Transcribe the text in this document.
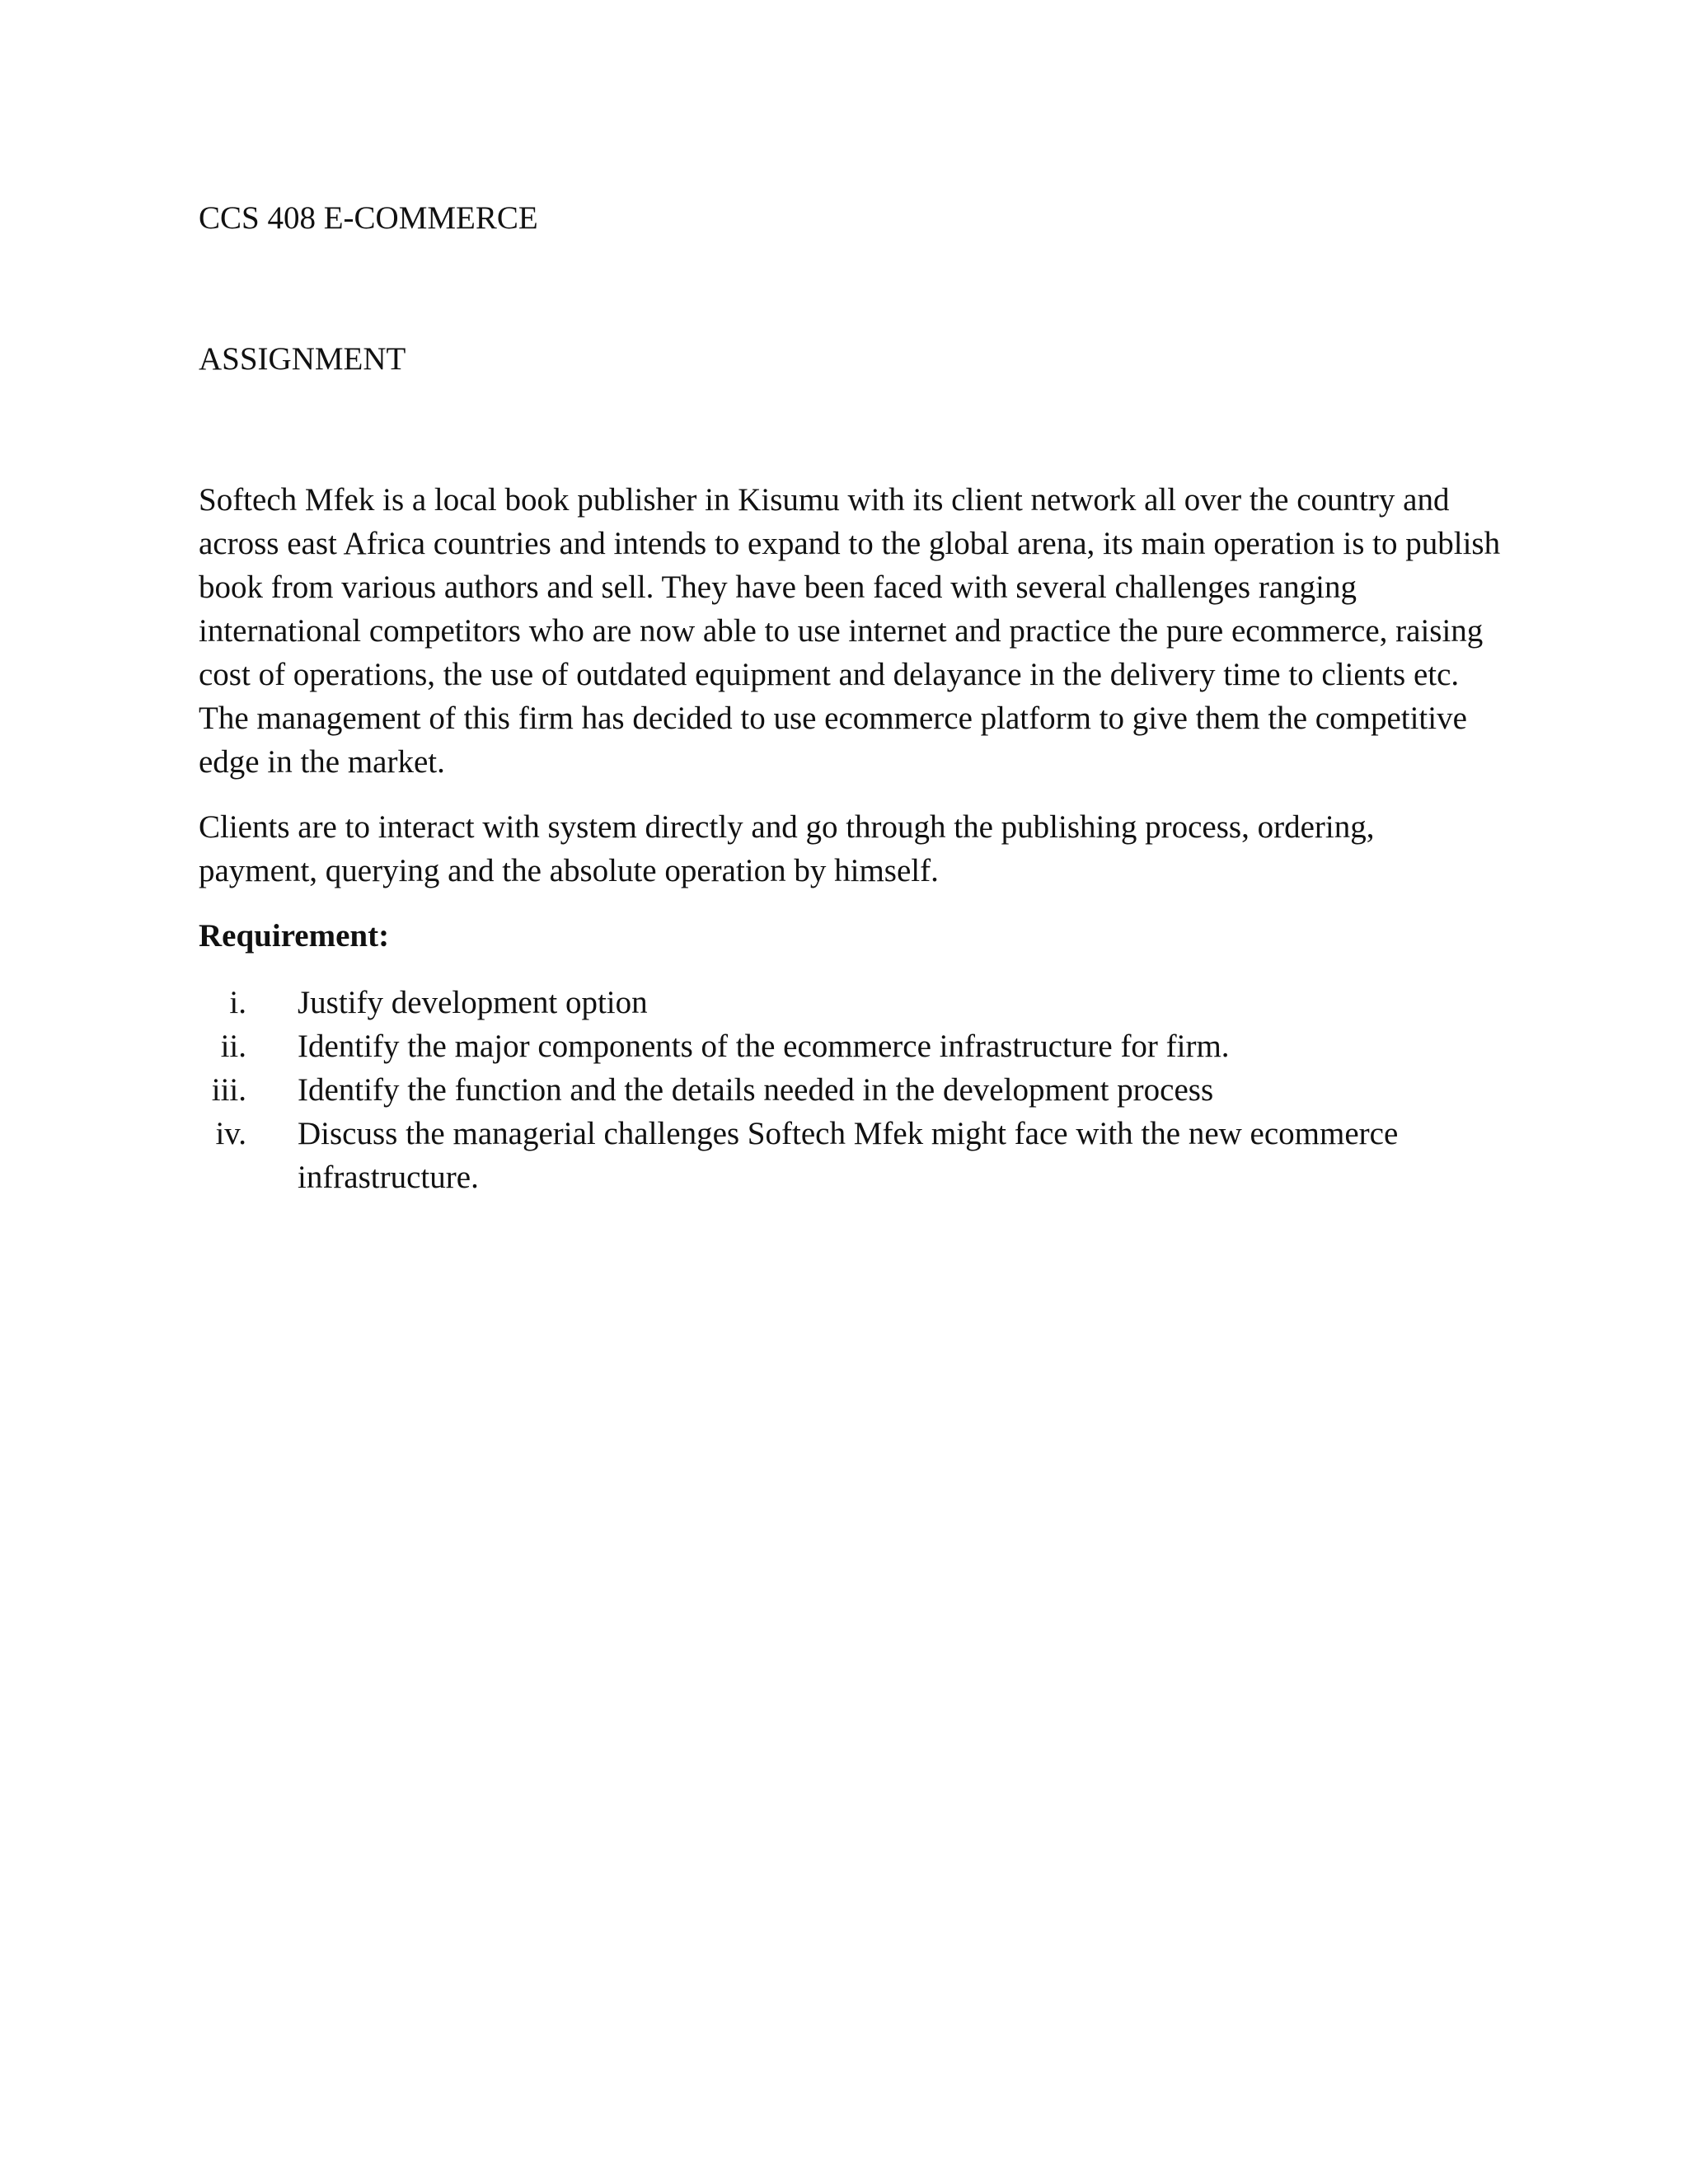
CCS 408 E-COMMERCE
ASSIGNMENT

Softech Mfek is a local book publisher in Kisumu with its client network all over the country and across east Africa countries and intends to expand to the global arena, its main operation is to publish book from various authors and sell. They have been faced with several challenges ranging international competitors who are now able to use internet and practice the pure ecommerce, raising cost of operations, the use of outdated equipment and delayance in the delivery time to clients etc. The management of this firm has decided to use ecommerce platform to give them the competitive edge in the market.

Clients are to interact with system directly and go through the publishing process, ordering, payment, querying and the absolute operation by himself.

Requirement:
i. Justify development option
ii. Identify the major components of the ecommerce infrastructure for firm.
iii. Identify the function and the details needed in the development process
iv. Discuss the managerial challenges Softech Mfek might face with the new ecommerce infrastructure.
